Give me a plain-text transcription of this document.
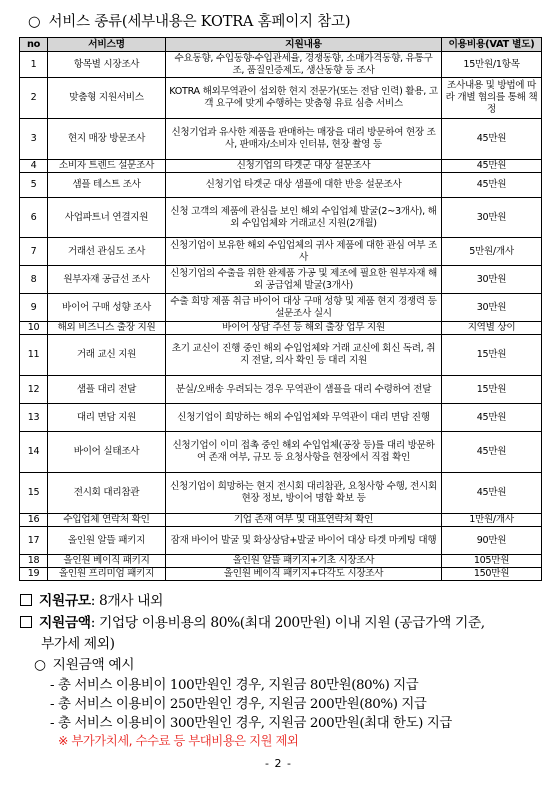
○ 서비스 종류(세부내용은 KOTRA 홈페이지 참고)
no	서비스명	지원내용	이용비용(VAT 별도)
1	항목별 시장조사	수요동향, 수입동향·수입관세율, 경쟁동향, 소매가격동향, 유통구조, 품질인증제도, 생산동향 등 조사	15만원/1항목
2	맞춤형 지원서비스	KOTRA 해외무역관이 섭외한 현지 전문가(또는 전담 인력) 활용, 고객 요구에 맞게 수행하는 맞춤형 유료 심층 서비스	조사내용 및 방법에 따라 개별 협의를 통해 책정
3	현지 매장 방문조사	신청기업과 유사한 제품을 판매하는 매장을 대리 방문하여 현장 조사, 판매자/소비자 인터뷰, 현장 촬영 등	45만원
4	소비자 트렌드 설문조사	신청기업의 타겟군 대상 설문조사	45만원
5	샘플 테스트 조사	신청기업 타겟군 대상 샘플에 대한 반응 설문조사	45만원
6	사업파트너 연결지원	신청 고객의 제품에 관심을 보인 해외 수입업체 발굴(2~3개사), 해외 수입업체와 거래교신 지원(2개월)	30만원
7	거래선 관심도 조사	신청기업이 보유한 해외 수입업체의 귀사 제품에 대한 관심 여부 조사	5만원/개사
8	원부자재 공급선 조사	신청기업의 수출을 위한 완제품 가공 및 제조에 필요한 원부자재 해외 공급업체 발굴(3개사)	30만원
9	바이어 구매 성향 조사	수출 희망 제품 취급 바이어 대상 구매 성향 및 제품 현지 경쟁력 등 설문조사 실시	30만원
10	해외 비즈니스 출장 지원	바이어 상담 주선 등 해외 출장 업무 지원	지역별 상이
11	거래 교신 지원	초기 교신이 진행 중인 해외 수입업체와 거래 교신에 회신 독려, 취지 전달, 의사 확인 등 대리 지원	15만원
12	샘플 대리 전달	분실/오배송 우려되는 경우 무역관이 샘플을 대리 수령하여 전달	15만원
13	대리 면담 지원	신청기업이 희망하는 해외 수입업체와 무역관이 대리 면담 진행	45만원
14	바이어 실태조사	신청기업이 이미 접촉 중인 해외 수입업체(공장 등)를 대리 방문하여 존재 여부, 규모 등 요청사항을 현장에서 직접 확인	45만원
15	전시회 대리참관	신청기업이 희망하는 현지 전시회 대리참관, 요청사항 수행, 전시회 현장 정보, 방이어 명함 확보 등	45만원
16	수입업체 연락처 확인	기업 존재 여부 및 대표연락처 확인	1만원/개사
17	올인원 알뜰 패키지	잠재 바이어 발굴 및 화상상담+발굴 바이어 대상 타겟 마케팅 대행	90만원
18	올인원 베이직 패키지	올인원 알뜰 패키지+기초 시장조사	105만원
19	올인원 프리미엄 패키지	올인원 베이직 패키지+다각도 시장조사	150만원
지원규모: 8개사 내외
지원금액: 기업당 이용비용의 80%(최대 200만원) 이내 지원 (공급가액 기준,
부가세 제외)
○ 지원금액 예시
- 총 서비스 이용비이 100만원인 경우, 지원금 80만원(80%) 지급
- 총 서비스 이용비이 250만원인 경우, 지원금 200만원(80%) 지급
- 총 서비스 이용비이 300만원인 경우, 지원금 200만원(최대 한도) 지급
※ 부가가치세, 수수료 등 부대비용은 지원 제외
- 2 -
